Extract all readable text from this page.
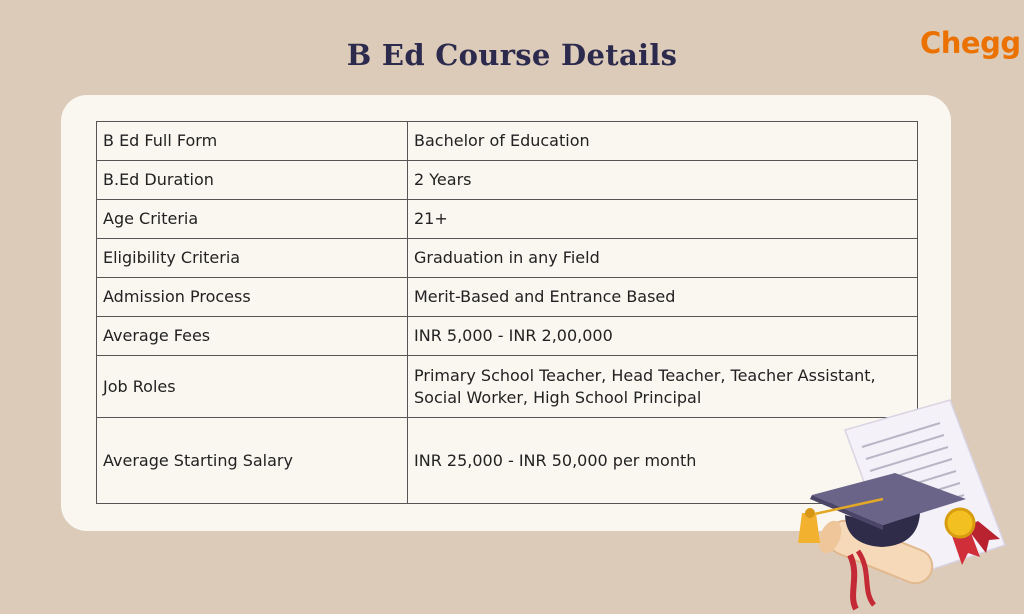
B Ed Course Details	Chegg
B Ed Full Form	Bachelor of Education
B.Ed Duration	2 Years
Age Criteria	21+
Eligibility Criteria	Graduation in any Field
Admission Process	Merit-Based and Entrance Based
Average Fees	INR 5,000 - INR 2,00,000
Job Roles	Primary School Teacher, Head Teacher, Teacher Assistant, Social Worker, High School Principal
Average Starting Salary	INR 25,000 - INR 50,000 per month
